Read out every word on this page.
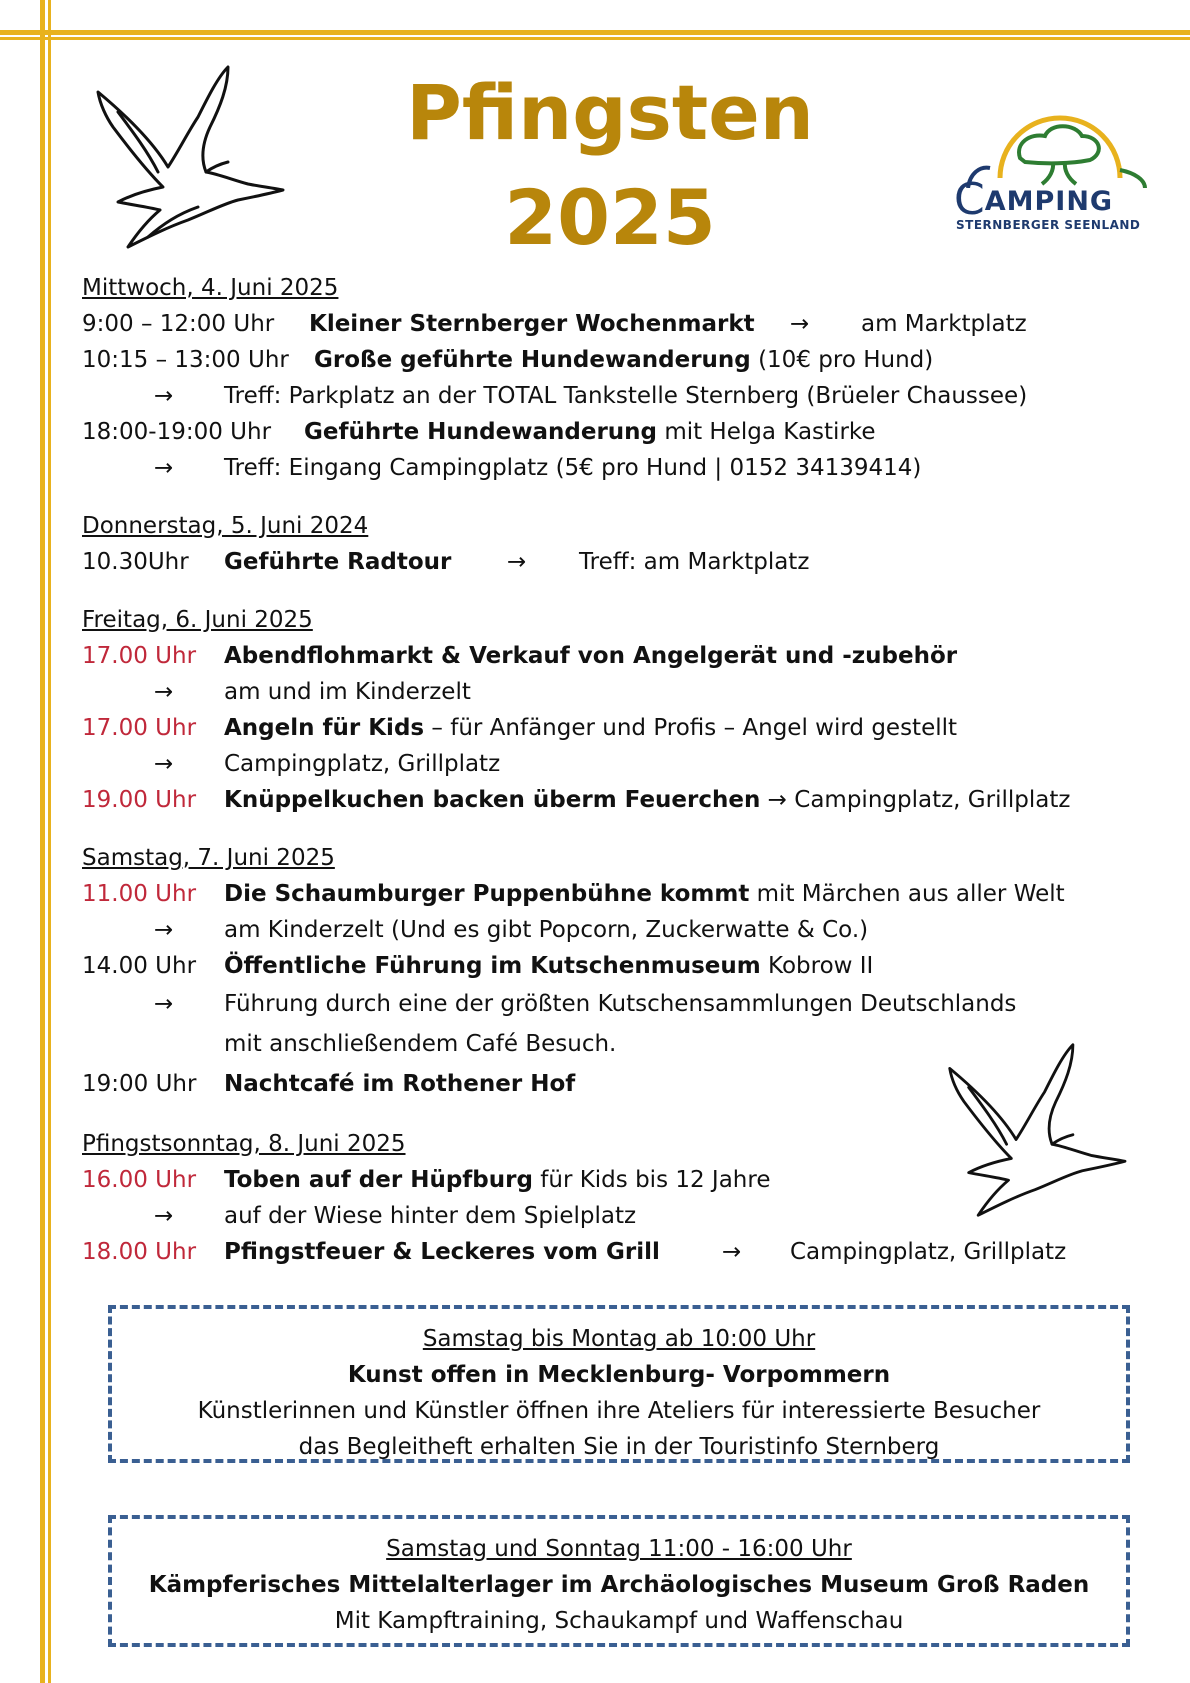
Pfingsten
2025	CAMPING
STERNBERGER SEENLAND
Mittwoch, 4. Juni 2025
9:00 – 12:00 Uhr Kleiner Sternberger Wochenmarkt → am Marktplatz
10:15 – 13:00 Uhr Große geführte Hundewanderung (10€ pro Hund)
→ Treff: Parkplatz an der TOTAL Tankstelle Sternberg (Brüeler Chaussee)
18:00-19:00 Uhr Geführte Hundewanderung mit Helga Kastirke
→ Treff: Eingang Campingplatz (5€ pro Hund | 0152 34139414)
Donnerstag, 5. Juni 2024
10.30Uhr Geführte Radtour → Treff: am Marktplatz
Freitag, 6. Juni 2025
17.00 Uhr Abendflohmarkt & Verkauf von Angelgerät und -zubehör
→ am und im Kinderzelt
17.00 Uhr Angeln für Kids – für Anfänger und Profis – Angel wird gestellt
→ Campingplatz, Grillplatz
19.00 Uhr Knüppelkuchen backen überm Feuerchen → Campingplatz, Grillplatz
Samstag, 7. Juni 2025
11.00 Uhr Die Schaumburger Puppenbühne kommt mit Märchen aus aller Welt
→ am Kinderzelt (Und es gibt Popcorn, Zuckerwatte & Co.)
14.00 Uhr Öffentliche Führung im Kutschenmuseum Kobrow II
→ Führung durch eine der größten Kutschensammlungen Deutschlands
mit anschließendem Café Besuch.
19:00 Uhr Nachtcafé im Rothener Hof
Pfingstsonntag, 8. Juni 2025
16.00 Uhr Toben auf der Hüpfburg für Kids bis 12 Jahre
→ auf der Wiese hinter dem Spielplatz
18.00 Uhr Pfingstfeuer & Leckeres vom Grill	→ Campingplatz, Grillplatz
Samstag bis Montag ab 10:00 Uhr
Kunst offen in Mecklenburg- Vorpommern
Künstlerinnen und Künstler öffnen ihre Ateliers für interessierte Besucher
das Begleitheft erhalten Sie in der Touristinfo Sternberg
Samstag und Sonntag 11:00 - 16:00 Uhr
Kämpferisches Mittelalterlager im Archäologisches Museum Groß Raden
Mit Kampftraining, Schaukampf und Waffenschau
